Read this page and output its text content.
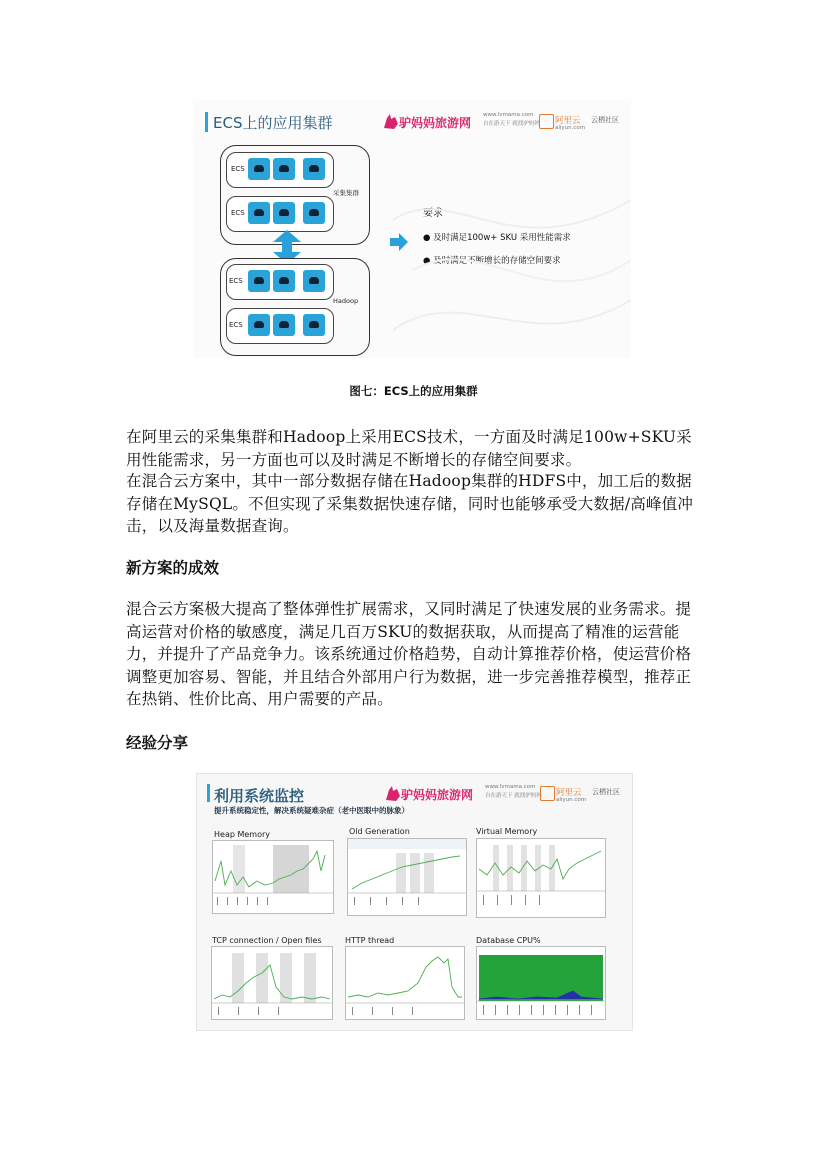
ECS上的应用集群	驴妈妈旅游网
www.lvmama.com
自在游天下 就找驴妈妈 阿里云 云栖社区
aliyun.com
ECS
ECS
采集集群
ECS
ECS
Hadoop
要求
● 及时满足100w+ SKU 采用性能需求
● 及时满足不断增长的存储空间要求
图七：ECS上的应用集群

在阿里云的采集集群和Hadoop上采用ECS技术，一方面及时满足100w+SKU采用性能需求，另一方面也可以及时满足不断增长的存储空间要求。

在混合云方案中，其中一部分数据存储在Hadoop集群的HDFS中，加工后的数据存储在MySQL。不但实现了采集数据快速存储，同时也能够承受大数据/高峰值冲击，以及海量数据查询。

新方案的成效

混合云方案极大提高了整体弹性扩展需求，又同时满足了快速发展的业务需求。提高运营对价格的敏感度，满足几百万SKU的数据获取，从而提高了精准的运营能力，并提升了产品竞争力。该系统通过价格趋势，自动计算推荐价格，使运营价格调整更加容易、智能，并且结合外部用户行为数据，进一步完善推荐模型，推荐正在热销、性价比高、用户需要的产品。

经验分享
利用系统监控
提升系统稳定性，解决系统疑难杂症（老中医眼中的脉象）
驴妈妈旅游网
www.lvmama.com
自在游天下 就找驴妈妈 阿里云 云栖社区
aliyun.com
Heap Memory	Old Generation	Virtual Memory
TCP connection / Open files	HTTP thread	Database CPU%
